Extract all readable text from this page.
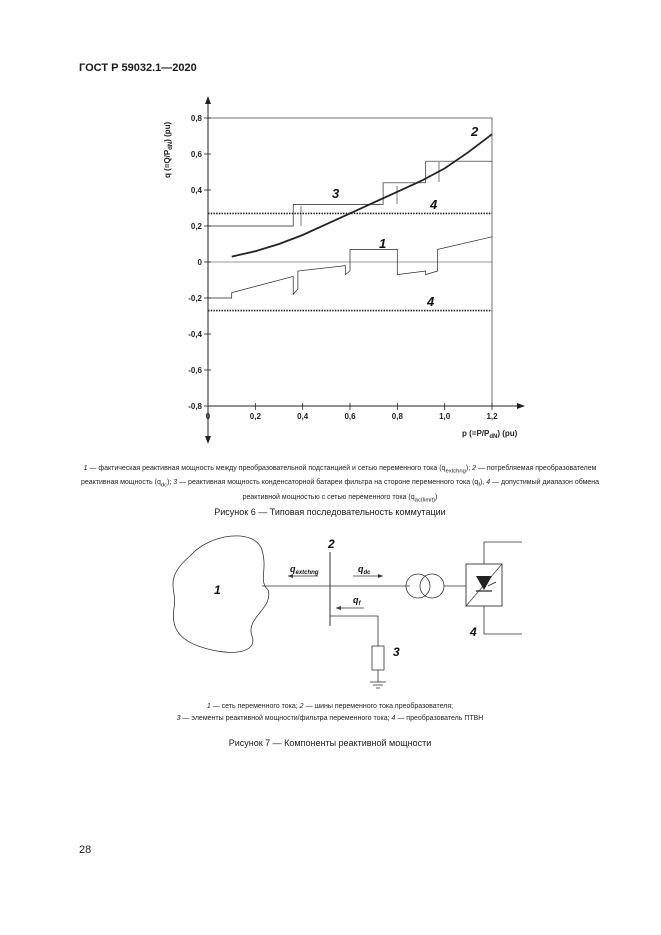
ГОСТ Р 59032.1—2020
0,8
0,6
0,4
0,2
0
-0,2
-0,4
-0,6
-0,8
0	0,2	0,4	0,6	0,8	1,0	1,2
2
3
4
1
4
q $(=Q/P_{dN})$ (pu)
p $(=P/P_{dN})$ (pu)
1 — фактическая реактивная мощность между преобразовательной подстанцией и сетью переменного тока $(q_{extchng})$; 2 — потребляемая преобразователем реактивная мощность $(q_{dc})$; 3 — реактивная мощность конденсаторной батареи фильтра на стороне переменного тока $(q_f)$, 4 — допустимый диапазон обмена реактивной мощностью с сетью переменного тока $(q_{ac(limit)})$
Рисунок 6 — Типовая последовательность коммутации
1
2
$q_{extchng}$	$q_{dc}$
$q_f$
4
3
1 — сеть переменного тока; 2 — шины переменного тока преобразователя;
3 — элементы реактивной мощности/фильтра переменного тока; 4 — преобразователь ПТВН
Рисунок 7 — Компоненты реактивной мощности
28
